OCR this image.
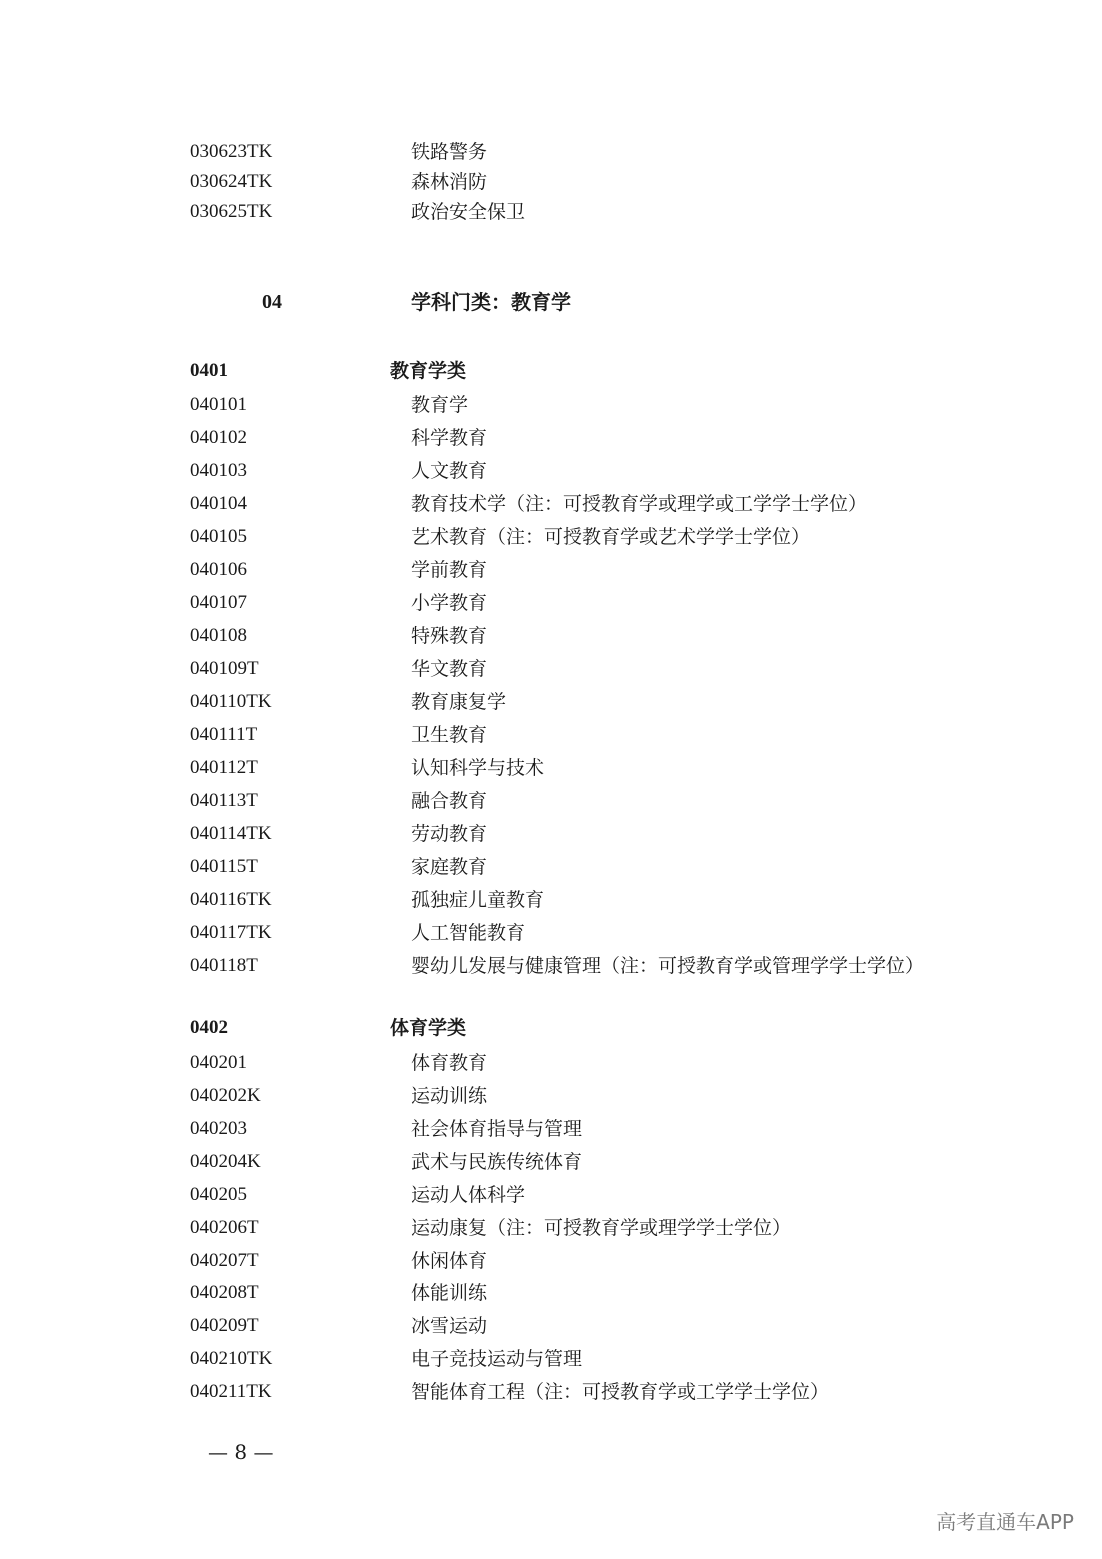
030623TK	铁路警务
030624TK	森林消防
030625TK	政治安全保卫
04	学科门类：教育学
0401	教育学类
040101	教育学
040102	科学教育
040103	人文教育
040104	教育技术学（注：可授教育学或理学或工学学士学位）
040105	艺术教育（注：可授教育学或艺术学学士学位）
040106	学前教育
040107	小学教育
040108	特殊教育
040109T	华文教育
040110TK	教育康复学
040111T	卫生教育
040112T	认知科学与技术
040113T	融合教育
040114TK	劳动教育
040115T	家庭教育
040116TK	孤独症儿童教育
040117TK	人工智能教育
040118T	婴幼儿发展与健康管理（注：可授教育学或管理学学士学位）
0402	体育学类
040201	体育教育
040202K	运动训练
040203	社会体育指导与管理
040204K	武术与民族传统体育
040205	运动人体科学
040206T	运动康复（注：可授教育学或理学学士学位）
040207T	休闲体育
040208T	体能训练
040209T	冰雪运动
040210TK	电子竞技运动与管理
040211TK	智能体育工程（注：可授教育学或工学学士学位）
— 8 —
高考直通车APP
